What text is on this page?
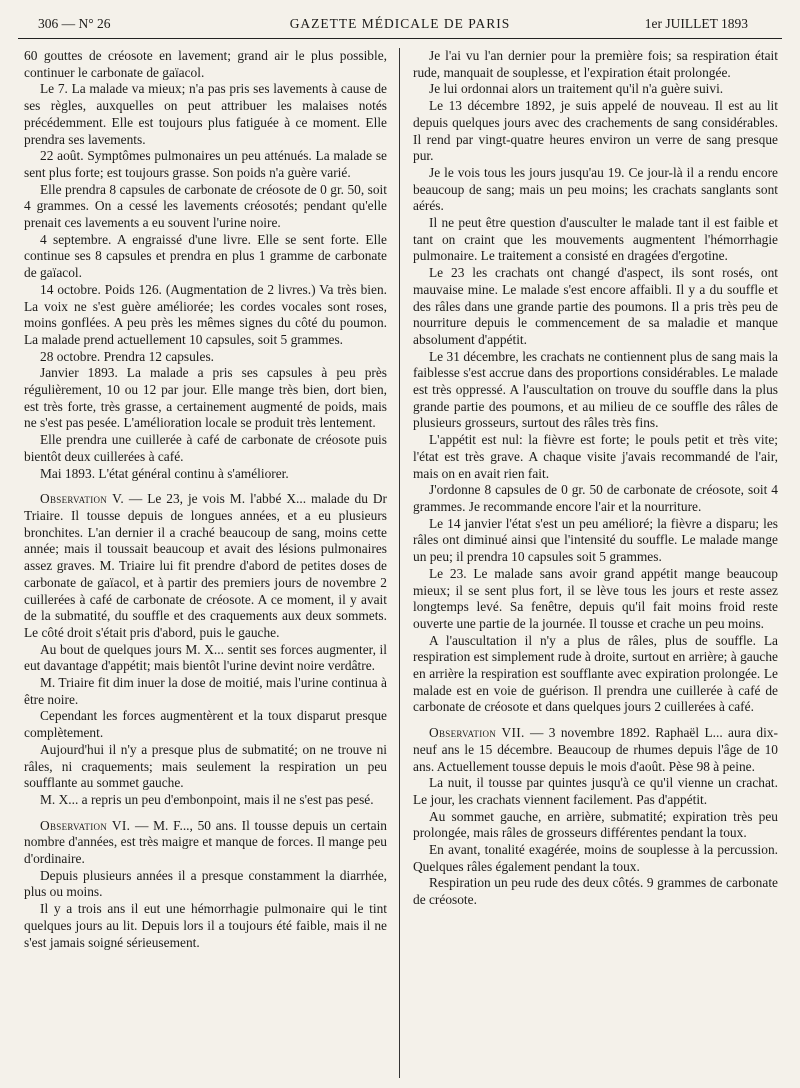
306 — N° 26	GAZETTE MÉDICALE DE PARIS	1er JUILLET 1893

60 gouttes de créosote en lavement; grand air le plus possible, continuer le carbonate de gaïacol.

Le 7. La malade va mieux; n'a pas pris ses lavements à cause de ses règles, auxquelles on peut attribuer les malaises notés précédemment. Elle est toujours plus fatiguée à ce moment. Elle prendra ses lavements.

22 août. Symptômes pulmonaires un peu atténués. La malade se sent plus forte; est toujours grasse. Son poids n'a guère varié.

Elle prendra 8 capsules de carbonate de créosote de 0 gr. 50, soit 4 grammes. On a cessé les lavements créosotés; pendant qu'elle prenait ces lavements a eu souvent l'urine noire.

4 septembre. A engraissé d'une livre. Elle se sent forte. Elle continue ses 8 capsules et prendra en plus 1 gramme de carbonate de gaïacol.

14 octobre. Poids 126. (Augmentation de 2 livres.) Va très bien. La voix ne s'est guère améliorée; les cordes vocales sont roses, moins gonflées. A peu près les mêmes signes du côté du poumon. La malade prend actuellement 10 capsules, soit 5 grammes.

28 octobre. Prendra 12 capsules.

Janvier 1893. La malade a pris ses capsules à peu près régulièrement, 10 ou 12 par jour. Elle mange très bien, dort bien, est très forte, très grasse, a certainement augmenté de poids, mais ne s'est pas pesée. L'amélioration locale se produit très lentement.

Elle prendra une cuillerée à café de carbonate de créosote puis bientôt deux cuillerées à café.

Mai 1893. L'état général continu à s'améliorer.

Observation V. — Le 23, je vois M. l'abbé X... malade du Dr Triaire. Il tousse depuis de longues années, et a eu plusieurs bronchites. L'an dernier il a craché beaucoup de sang, moins cette année; mais il toussait beaucoup et avait des lésions pulmonaires assez graves. M. Triaire lui fit prendre d'abord de petites doses de carbonate de gaïacol, et à partir des premiers jours de novembre 2 cuillerées à café de carbonate de créosote. A ce moment, il y avait de la submatité, du souffle et des craquements aux deux sommets. Le côté droit s'était pris d'abord, puis le gauche.

Au bout de quelques jours M. X... sentit ses forces augmenter, il eut davantage d'appétit; mais bientôt l'urine devint noire verdâtre.

M. Triaire fit dim inuer la dose de moitié, mais l'urine continua à être noire.

Cependant les forces augmentèrent et la toux disparut presque complètement.

Aujourd'hui il n'y a presque plus de submatité; on ne trouve ni râles, ni craquements; mais seulement la respiration un peu soufflante au sommet gauche.

M. X... a repris un peu d'embonpoint, mais il ne s'est pas pesé.

Observation VI. — M. F..., 50 ans. Il tousse depuis un certain nombre d'années, est très maigre et manque de forces. Il mange peu d'ordinaire.

Depuis plusieurs années il a presque constamment la diarrhée, plus ou moins.

Il y a trois ans il eut une hémorrhagie pulmonaire qui le tint quelques jours au lit. Depuis lors il a toujours été faible, mais il ne s'est jamais soigné sérieusement.

Je l'ai vu l'an dernier pour la première fois; sa respiration était rude, manquait de souplesse, et l'expiration était prolongée.

Je lui ordonnai alors un traitement qu'il n'a guère suivi.

Le 13 décembre 1892, je suis appelé de nouveau. Il est au lit depuis quelques jours avec des crachements de sang considérables. Il rend par vingt-quatre heures environ un verre de sang presque pur.

Je le vois tous les jours jusqu'au 19. Ce jour-là il a rendu encore beaucoup de sang; mais un peu moins; les crachats sanglants sont aérés.

Il ne peut être question d'ausculter le malade tant il est faible et tant on craint que les mouvements augmentent l'hémorrhagie pulmonaire. Le traitement a consisté en dragées d'ergotine.

Le 23 les crachats ont changé d'aspect, ils sont rosés, ont mauvaise mine. Le malade s'est encore affaibli. Il y a du souffle et des râles dans une grande partie des poumons. Il a pris très peu de nourriture depuis le commencement de sa maladie et manque absolument d'appétit.

Le 31 décembre, les crachats ne contiennent plus de sang mais la faiblesse s'est accrue dans des proportions considérables. Le malade est très oppressé. A l'auscultation on trouve du souffle dans la plus grande partie des poumons, et au milieu de ce souffle des râles de plusieurs grosseurs, surtout des râles très fins.

L'appétit est nul: la fièvre est forte; le pouls petit et très vite; l'état est très grave. A chaque visite j'avais recommandé de l'air, mais on en avait rien fait.

J'ordonne 8 capsules de 0 gr. 50 de carbonate de créosote, soit 4 grammes. Je recommande encore l'air et la nourriture.

Le 14 janvier l'état s'est un peu amélioré; la fièvre a disparu; les râles ont diminué ainsi que l'intensité du souffle. Le malade mange un peu; il prendra 10 capsules soit 5 grammes.

Le 23. Le malade sans avoir grand appétit mange beaucoup mieux; il se sent plus fort, il se lève tous les jours et reste assez longtemps levé. Sa fenêtre, depuis qu'il fait moins froid reste ouverte une partie de la journée. Il tousse et crache un peu moins.

A l'auscultation il n'y a plus de râles, plus de souffle. La respiration est simplement rude à droite, surtout en arrière; à gauche en arrière la respiration est soufflante avec expiration prolongée. Le malade est en voie de guérison. Il prendra une cuillerée à café de carbonate de créosote et dans quelques jours 2 cuillerées à café.

Observation VII. — 3 novembre 1892. Raphaël L... aura dix-neuf ans le 15 décembre. Beaucoup de rhumes depuis l'âge de 10 ans. Actuellement tousse depuis le mois d'août. Pèse 98 à peine.

La nuit, il tousse par quintes jusqu'à ce qu'il vienne un crachat. Le jour, les crachats viennent facilement. Pas d'appétit.

Au sommet gauche, en arrière, submatité; expiration très peu prolongée, mais râles de grosseurs différentes pendant la toux.

En avant, tonalité exagérée, moins de souplesse à la percussion. Quelques râles également pendant la toux.

Respiration un peu rude des deux côtés. 9 grammes de carbonate de créosote.
